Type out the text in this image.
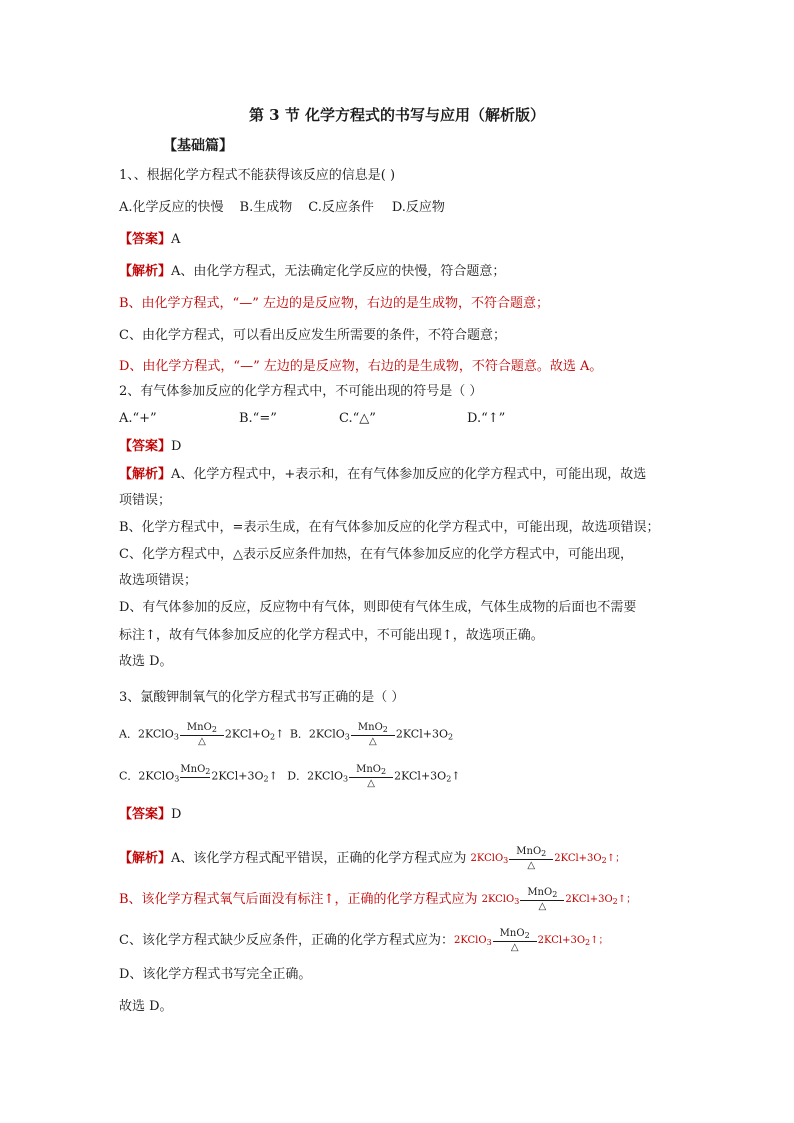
第 3 节 化学方程式的书写与应用（解析版）
【基础篇】
1、、根据化学方程式不能获得该反应的信息是( )
A.化学反应的快慢 B.生成物 C.反应条件 D.反应物
【答案】A
【解析】A、由化学方程式，无法确定化学反应的快慢，符合题意；
B、由化学方程式，“—” 左边的是反应物，右边的是生成物，不符合题意；
C、由化学方程式，可以看出反应发生所需要的条件，不符合题意；
D、由化学方程式，“—” 左边的是反应物，右边的是生成物，不符合题意。故选 A。
2、有气体参加反应的化学方程式中，不可能出现的符号是（ ）
A.“+”	B.“=”	C.“△”	D.“↑”
【答案】D
【解析】A、化学方程式中，+表示和，在有气体参加反应的化学方程式中，可能出现，故选
项错误；
B、化学方程式中，=表示生成，在有气体参加反应的化学方程式中，可能出现，故选项错误；
C、化学方程式中，△表示反应条件加热，在有气体参加反应的化学方程式中，可能出现，
故选项错误；
D、有气体参加的反应，反应物中有气体，则即使有气体生成，气体生成物的后面也不需要
标注↑，故有气体参加反应的化学方程式中，不可能出现↑，故选项正确。
故选 D。
3、氯酸钾制氧气的化学方程式书写正确的是（ ）
A．2KClO$_3$
MnO$_2$
△
$2KCl+O_2↑$ B．2KClO$_3$
MnO$_2$
△
$2KCl+3O_2$
C．2KClO$_3$
MnO$_2$
$2KCl+3O_2↑$ D．2KClO$_3$
MnO$_2$
△
$2KCl+3O_2↑$
【答案】D
【解析】A、该化学方程式配平错误，正确的化学方程式应为 2KClO$_3$
MnO$_2$
△
$2KCl+3O_2↑$；
B、该化学方程式氧气后面没有标注↑，正确的化学方程式应为 2KClO$_3$
MnO$_2$
△
$2KCl+3O_2↑$；
C、该化学方程式缺少反应条件，正确的化学方程式应为：2KClO$_3$
MnO$_2$
△
$2KCl+3O_2↑$；
D、该化学方程式书写完全正确。
故选 D。
